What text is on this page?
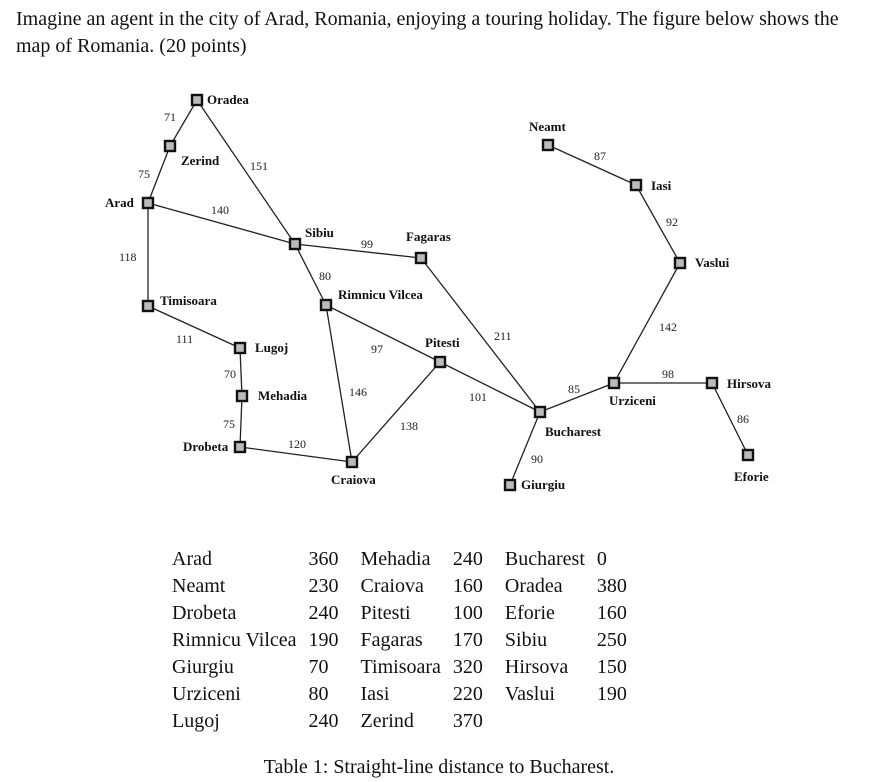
Imagine an agent in the city of Arad, Romania, enjoying a touring holiday. The figure below shows the map of Romania. (20 points)

Oradea
Zerind
Arad
Timisoara
Lugoj
Mehadia
Drobeta
Sibiu
Rimnicu Vilcea
Fagaras
Pitesti
Craiova
Bucharest
Giurgiu
Urziceni
Hirsova
Eforie
Vaslui
Iasi
Neamt
71
75
151
140
118
111
70
75
120
99
80
97
146
138
101
211
90
85
98
86
142
92
87
Arad	360	Mehadia	240	Bucharest	0
Neamt	230	Craiova	160	Oradea	380
Drobeta	240	Pitesti	100	Eforie	160
Rimnicu Vilcea	190	Fagaras	170	Sibiu	250
Giurgiu	70	Timisoara	320	Hirsova	150
Urziceni	80	Iasi	220	Vaslui	190
Lugoj	240	Zerind	370		

Table 1: Straight-line distance to Bucharest.
